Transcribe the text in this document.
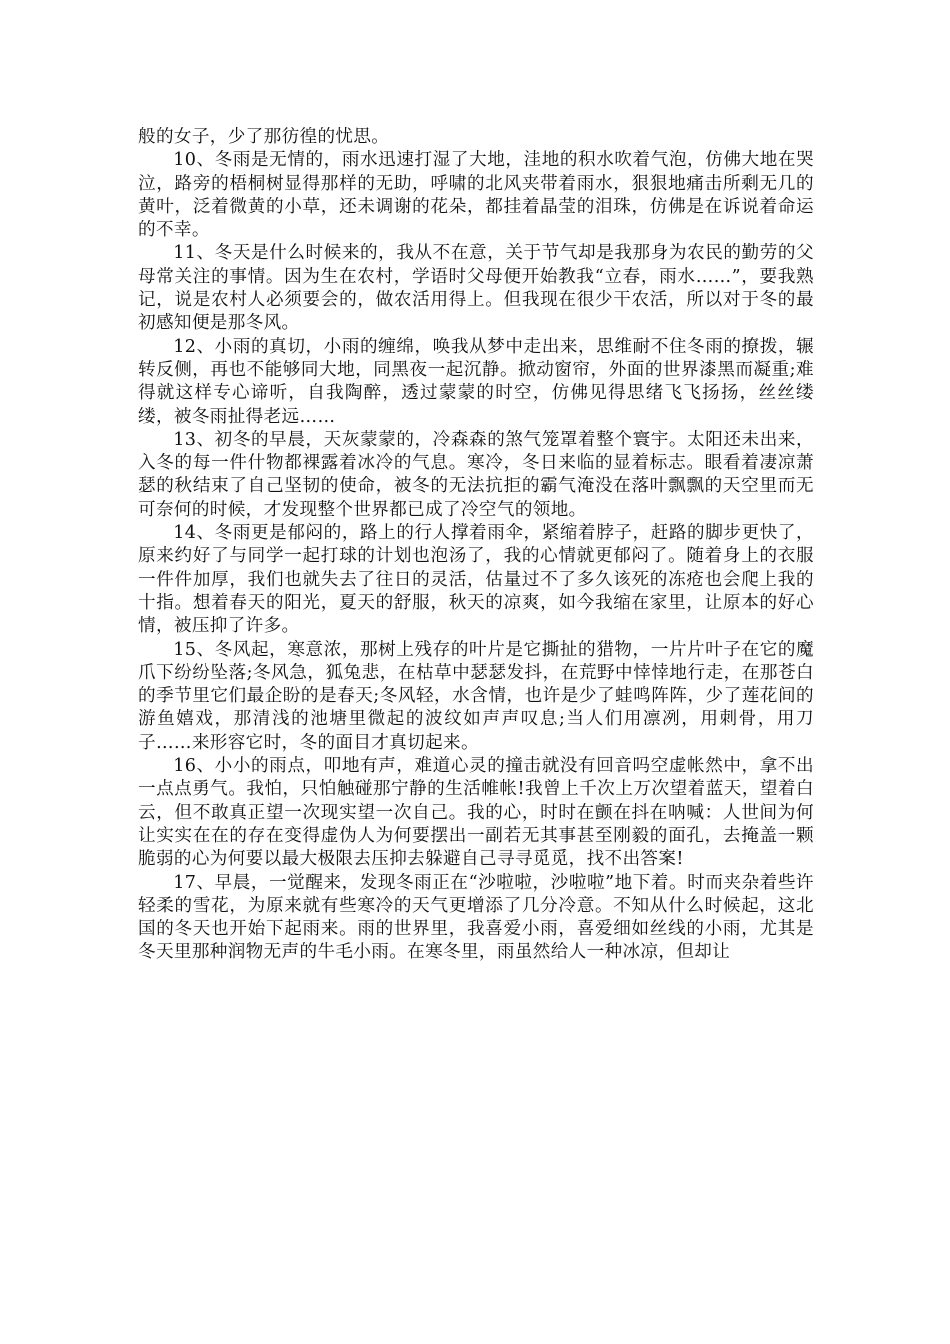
般的女子，少了那彷徨的忧思。

10、冬雨是无情的，雨水迅速打湿了大地，洼地的积水吹着气泡，仿佛大地在哭泣，路旁的梧桐树显得那样的无助，呼啸的北风夹带着雨水，狠狠地痛击所剩无几的黄叶，泛着微黄的小草，还未调谢的花朵，都挂着晶莹的泪珠，仿佛是在诉说着命运的不幸。

11、冬天是什么时候来的，我从不在意，关于节气却是我那身为农民的勤劳的父母常关注的事情。因为生在农村，学语时父母便开始教我“立春，雨水……”，要我熟记，说是农村人必须要会的，做农活用得上。但我现在很少干农活，所以对于冬的最初感知便是那冬风。

12、小雨的真切，小雨的缠绵，唤我从梦中走出来，思维耐不住冬雨的撩拨，辗转反侧，再也不能够同大地，同黑夜一起沉静。掀动窗帘，外面的世界漆黑而凝重;难得就这样专心谛听，自我陶醉，透过蒙蒙的时空，仿佛见得思绪飞飞扬扬，丝丝缕缕，被冬雨扯得老远……

13、初冬的早晨，天灰蒙蒙的，冷森森的煞气笼罩着整个寰宇。太阳还未出来，入冬的每一件什物都裸露着冰冷的气息。寒冷，冬日来临的显着标志。眼看着凄凉萧瑟的秋结束了自己坚韧的使命，被冬的无法抗拒的霸气淹没在落叶飘飘的天空里而无可奈何的时候，才发现整个世界都已成了冷空气的领地。

14、冬雨更是郁闷的，路上的行人撑着雨伞，紧缩着脖子，赶路的脚步更快了，原来约好了与同学一起打球的计划也泡汤了，我的心情就更郁闷了。随着身上的衣服一件件加厚，我们也就失去了往日的灵活，估量过不了多久该死的冻疮也会爬上我的十指。想着春天的阳光，夏天的舒服，秋天的凉爽，如今我缩在家里，让原本的好心情，被压抑了许多。

15、冬风起，寒意浓，那树上残存的叶片是它撕扯的猎物，一片片叶子在它的魔爪下纷纷坠落;冬风急，狐兔悲，在枯草中瑟瑟发抖，在荒野中悻悻地行走，在那苍白的季节里它们最企盼的是春天;冬风轻，水含情，也许是少了蛙鸣阵阵，少了莲花间的游鱼嬉戏，那清浅的池塘里微起的波纹如声声叹息;当人们用凛冽，用刺骨，用刀子……来形容它时，冬的面目才真切起来。

16、小小的雨点，叩地有声，难道心灵的撞击就没有回音吗空虚帐然中，拿不出一点点勇气。我怕，只怕触碰那宁静的生活帷帐!我曾上千次上万次望着蓝天，望着白云，但不敢真正望一次现实望一次自己。我的心，时时在颤在抖在呐喊：人世间为何让实实在在的存在变得虚伪人为何要摆出一副若无其事甚至刚毅的面孔，去掩盖一颗脆弱的心为何要以最大极限去压抑去躲避自己寻寻觅觅，找不出答案!

17、早晨，一觉醒来，发现冬雨正在“沙啦啦，沙啦啦”地下着。时而夹杂着些许轻柔的雪花，为原来就有些寒冷的天气更增添了几分冷意。不知从什么时候起，这北国的冬天也开始下起雨来。雨的世界里，我喜爱小雨，喜爱细如丝线的小雨，尤其是冬天里那种润物无声的牛毛小雨。在寒冬里，雨虽然给人一种冰凉，但却让
